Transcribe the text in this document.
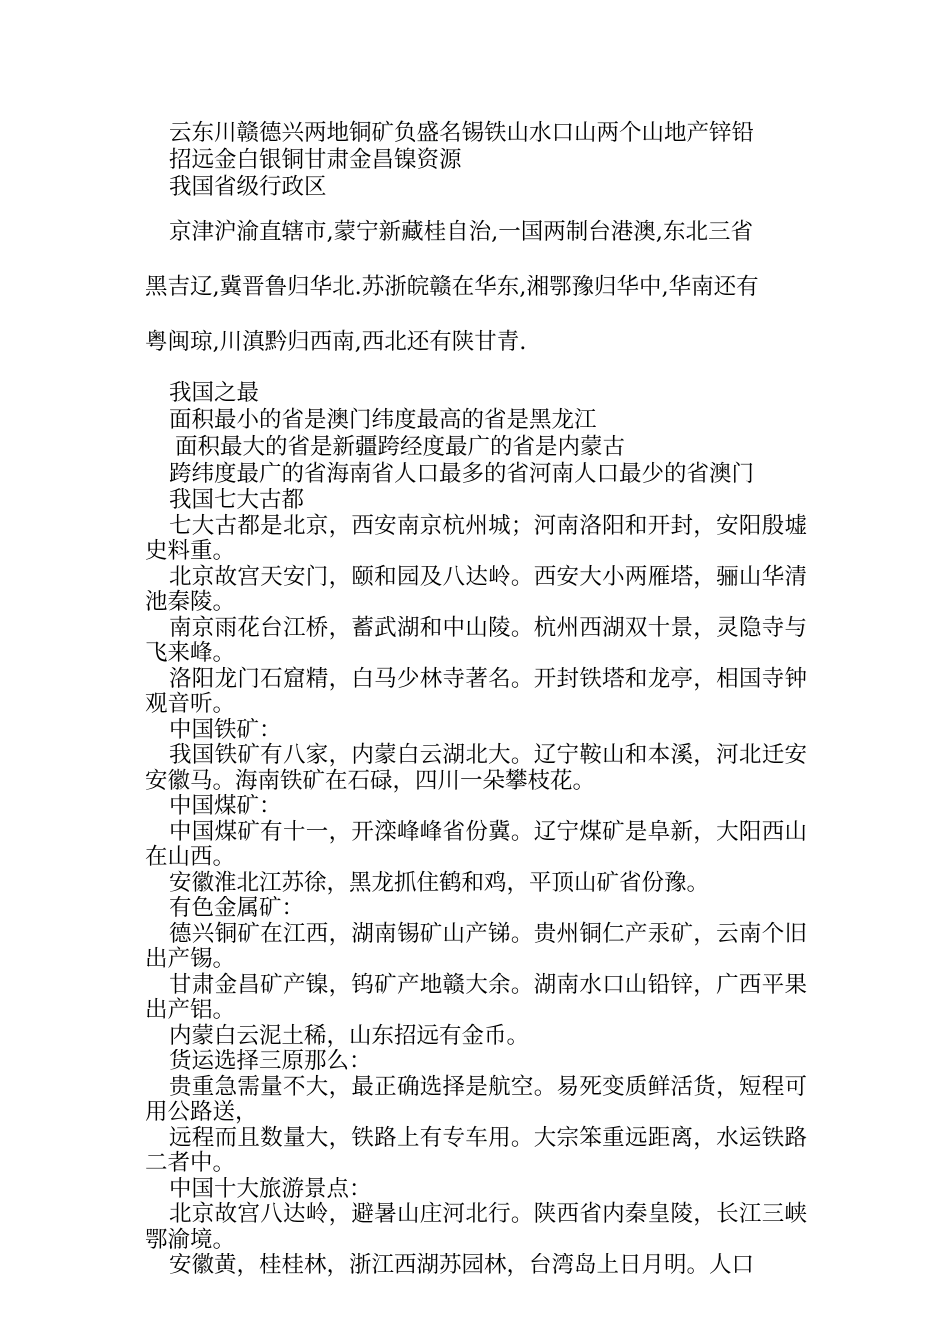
云东川赣德兴两地铜矿负盛名锡铁山水口山两个山地产锌铅
招远金白银铜甘肃金昌镍资源
我国省级行政区
京津沪渝直辖市,蒙宁新藏桂自治,一国两制台港澳,东北三省
黑吉辽,冀晋鲁归华北.苏浙皖赣在华东,湘鄂豫归华中,华南还有
粤闽琼,川滇黔归西南,西北还有陕甘青.
我国之最
面积最小的省是澳门纬度最高的省是黑龙江
面积最大的省是新疆跨经度最广的省是内蒙古
跨纬度最广的省海南省人口最多的省河南人口最少的省澳门
我国七大古都
七大古都是北京，西安南京杭州城；河南洛阳和开封，安阳殷墟史料重。
北京故宫天安门，颐和园及八达岭。西安大小两雁塔，骊山华清池秦陵。
南京雨花台江桥，蓄武湖和中山陵。杭州西湖双十景，灵隐寺与飞来峰。
洛阳龙门石窟精，白马少林寺著名。开封铁塔和龙亭，相国寺钟观音听。
中国铁矿：
我国铁矿有八家，内蒙白云湖北大。辽宁鞍山和本溪，河北迁安安徽马。海南铁矿在石碌，四川一朵攀枝花。
中国煤矿：
中国煤矿有十一，开滦峰峰省份冀。辽宁煤矿是阜新，大阳西山在山西。
安徽淮北江苏徐，黑龙抓住鹤和鸡，平顶山矿省份豫。
有色金属矿：
德兴铜矿在江西，湖南锡矿山产锑。贵州铜仁产汞矿，云南个旧出产锡。
甘肃金昌矿产镍，钨矿产地赣大余。湖南水口山铅锌，广西平果出产铝。
内蒙白云泥土稀，山东招远有金币。
货运选择三原那么：
贵重急需量不大，最正确选择是航空。易死变质鲜活货，短程可用公路送，
远程而且数量大，铁路上有专车用。大宗笨重远距离，水运铁路二者中。
中国十大旅游景点：
北京故宫八达岭，避暑山庄河北行。陕西省内秦皇陵，长江三峡鄂渝境。
安徽黄，桂桂林，浙江西湖苏园林，台湾岛上日月明。人口
